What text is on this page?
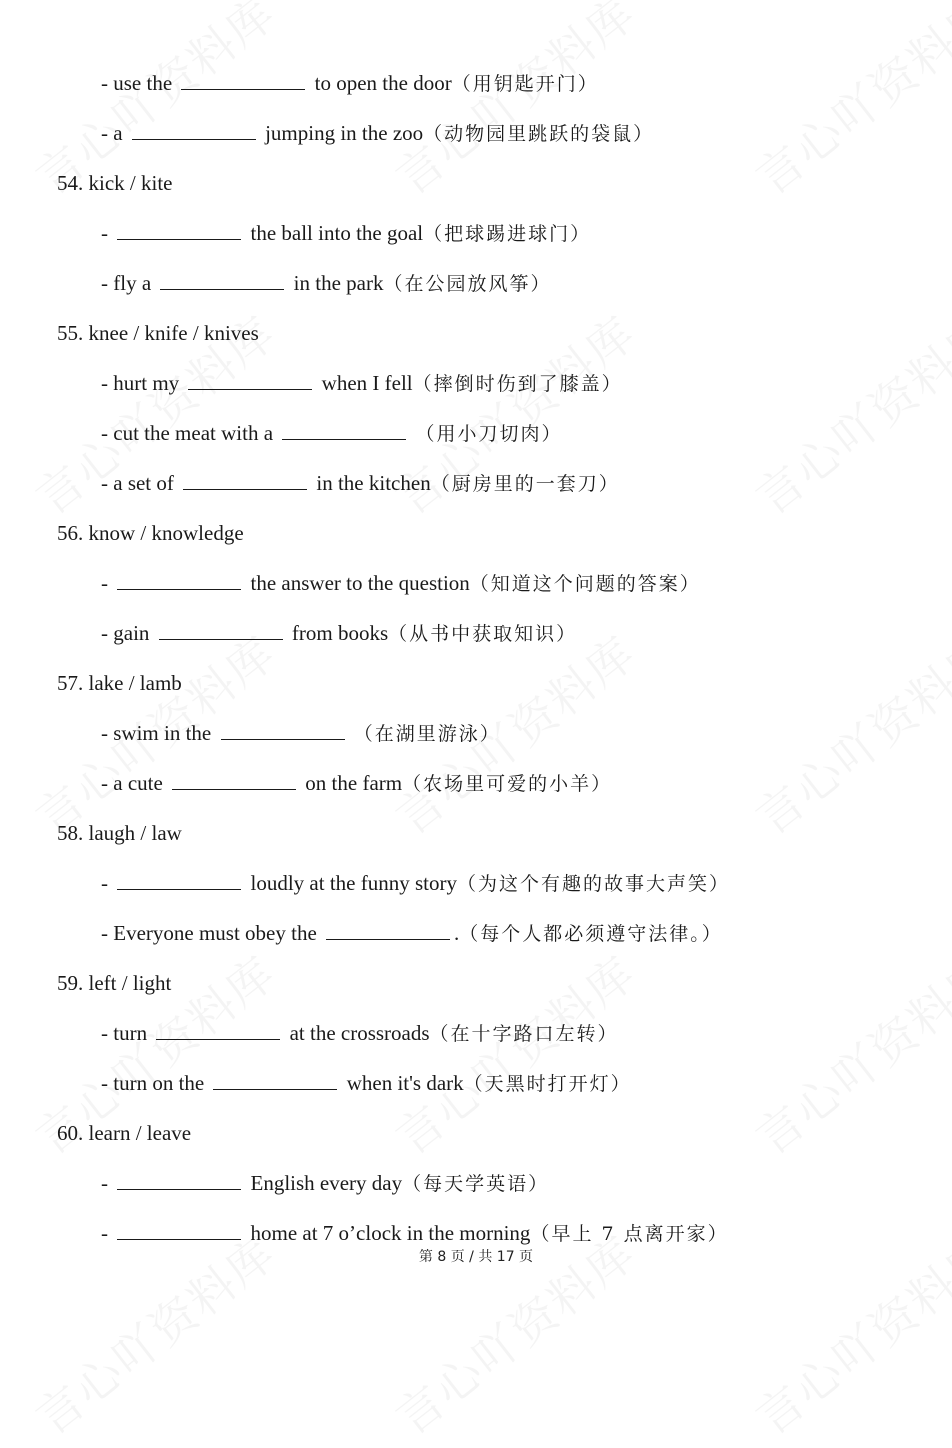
- use the	to open the door（用钥匙开门）
- a	jumping in the zoo（动物园里跳跃的袋鼠）
54. kick / kite
-	the ball into the goal（把球踢进球门）
- fly a	in the park（在公园放风筝）
55. knee / knife / knives
- hurt my	when I fell（摔倒时伤到了膝盖）
- cut the meat with a	（用小刀切肉）
- a set of	in the kitchen（厨房里的一套刀）
56. know / knowledge
-	the answer to the question（知道这个问题的答案）
- gain	from books（从书中获取知识）
57. lake / lamb
- swim in the	（在湖里游泳）
- a cute	on the farm（农场里可爱的小羊）
58. laugh / law
-	loudly at the funny story（为这个有趣的故事大声笑）
- Everyone must obey the	.（每个人都必须遵守法律。）
59. left / light
- turn	at the crossroads（在十字路口左转）
- turn on the	when it's dark（天黑时打开灯）
60. learn / leave
-	English every day（每天学英语）
-	home at 7 o’clock in the morning（早上 7 点离开家）
第 8 页 / 共 17 页
